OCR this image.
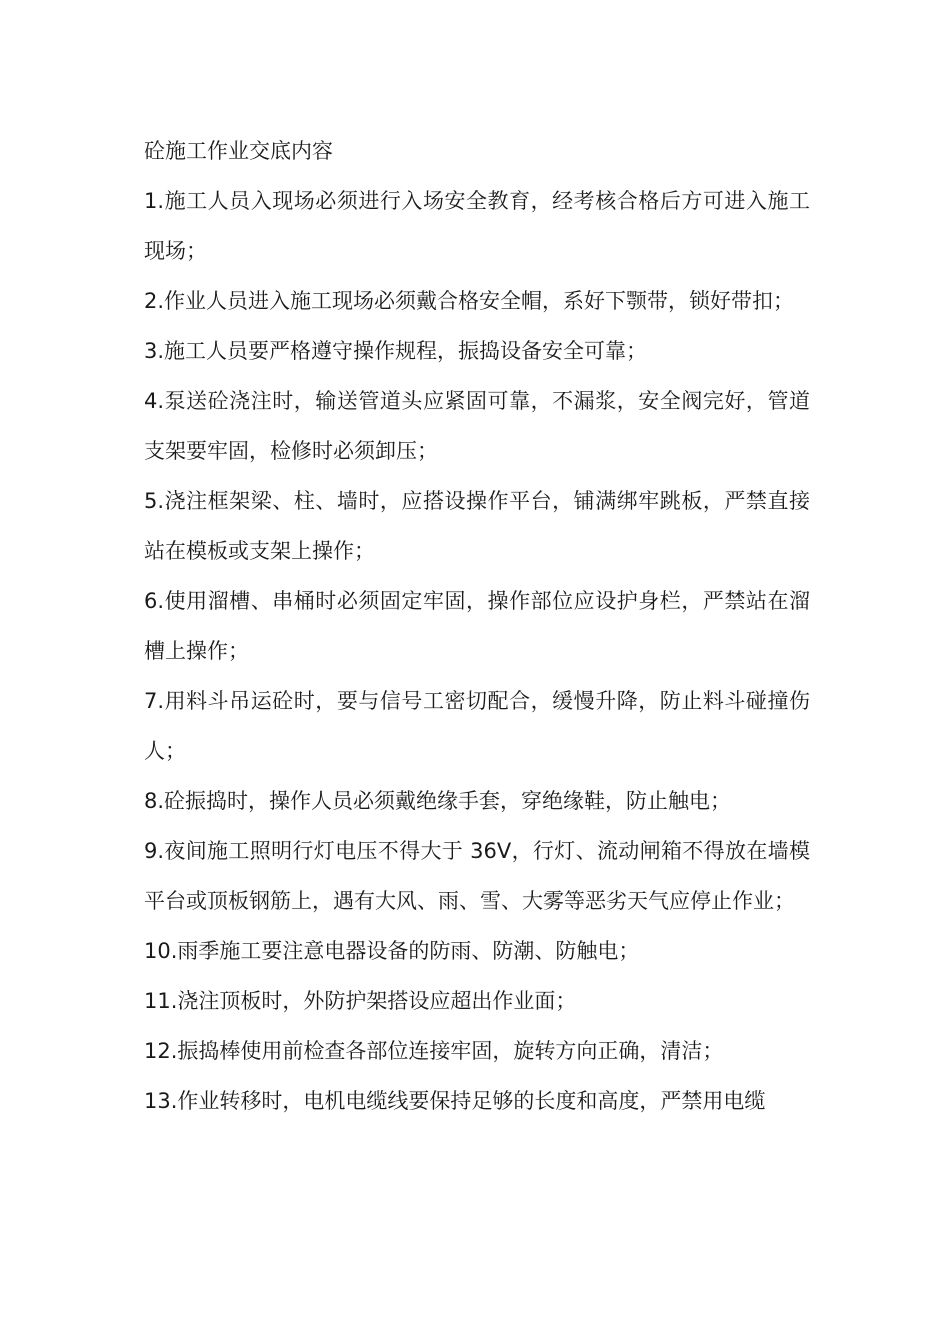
砼施工作业交底内容

1.施工人员入现场必须进行入场安全教育，经考核合格后方可进入施工现场；

2.作业人员进入施工现场必须戴合格安全帽，系好下颚带，锁好带扣；

3.施工人员要严格遵守操作规程，振捣设备安全可靠；

4.泵送砼浇注时，输送管道头应紧固可靠，不漏浆，安全阀完好，管道支架要牢固，检修时必须卸压；

5.浇注框架梁、柱、墙时，应搭设操作平台，铺满绑牢跳板，严禁直接站在模板或支架上操作；

6.使用溜槽、串桶时必须固定牢固，操作部位应设护身栏，严禁站在溜槽上操作；

7.用料斗吊运砼时，要与信号工密切配合，缓慢升降，防止料斗碰撞伤人；

8.砼振捣时，操作人员必须戴绝缘手套，穿绝缘鞋，防止触电；

9.夜间施工照明行灯电压不得大于 36V，行灯、流动闸箱不得放在墙模平台或顶板钢筋上，遇有大风、雨、雪、大雾等恶劣天气应停止作业；

10.雨季施工要注意电器设备的防雨、防潮、防触电；

11.浇注顶板时，外防护架搭设应超出作业面；

12.振捣棒使用前检查各部位连接牢固，旋转方向正确，清洁；

13.作业转移时，电机电缆线要保持足够的长度和高度，严禁用电缆
